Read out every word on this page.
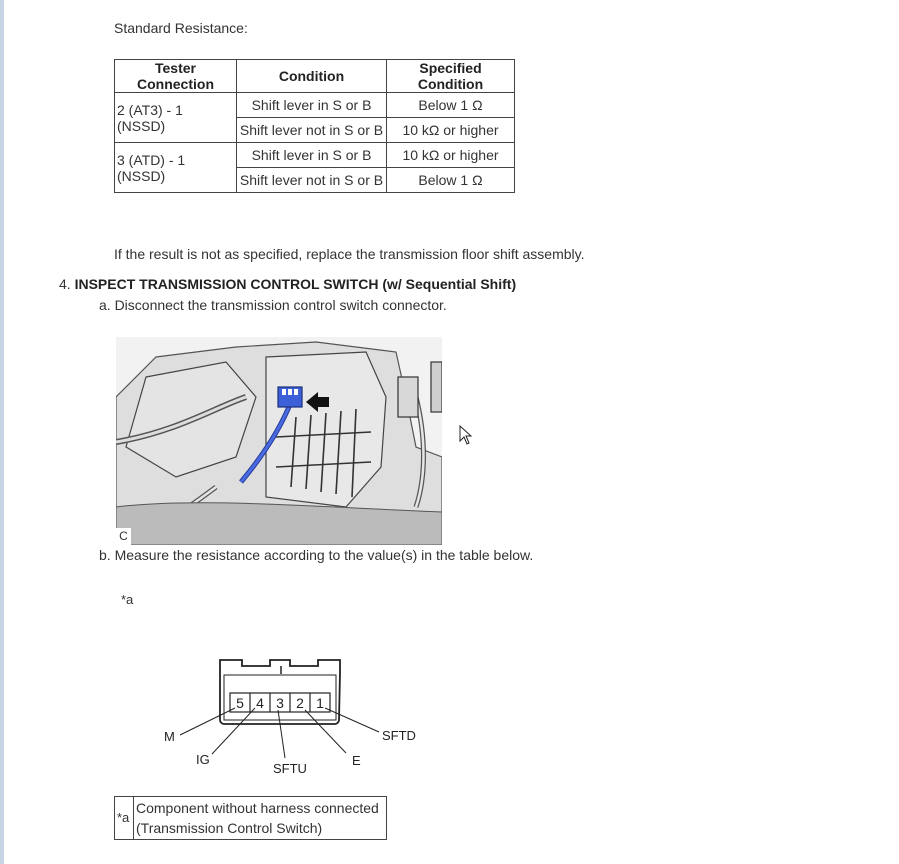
Standard Resistance:
Tester Connection	Condition	Specified Condition
2 (AT3) - 1 (NSSD)	Shift lever in S or B	Below 1 Ω
	Shift lever not in S or B	10 kΩ or higher
3 (ATD) - 1 (NSSD)	Shift lever in S or B	10 kΩ or higher
	Shift lever not in S or B	Below 1 Ω
If the result is not as specified, replace the transmission floor shift assembly.
4. INSPECT TRANSMISSION CONTROL SWITCH (w/ Sequential Shift)
a. Disconnect the transmission control switch connector.
C
b. Measure the resistance according to the value(s) in the table below.
*a
5 4 3 2 1
M
IG
SFTU
E
SFTD
*a	
Component without harness connected
(Transmission Control Switch)
